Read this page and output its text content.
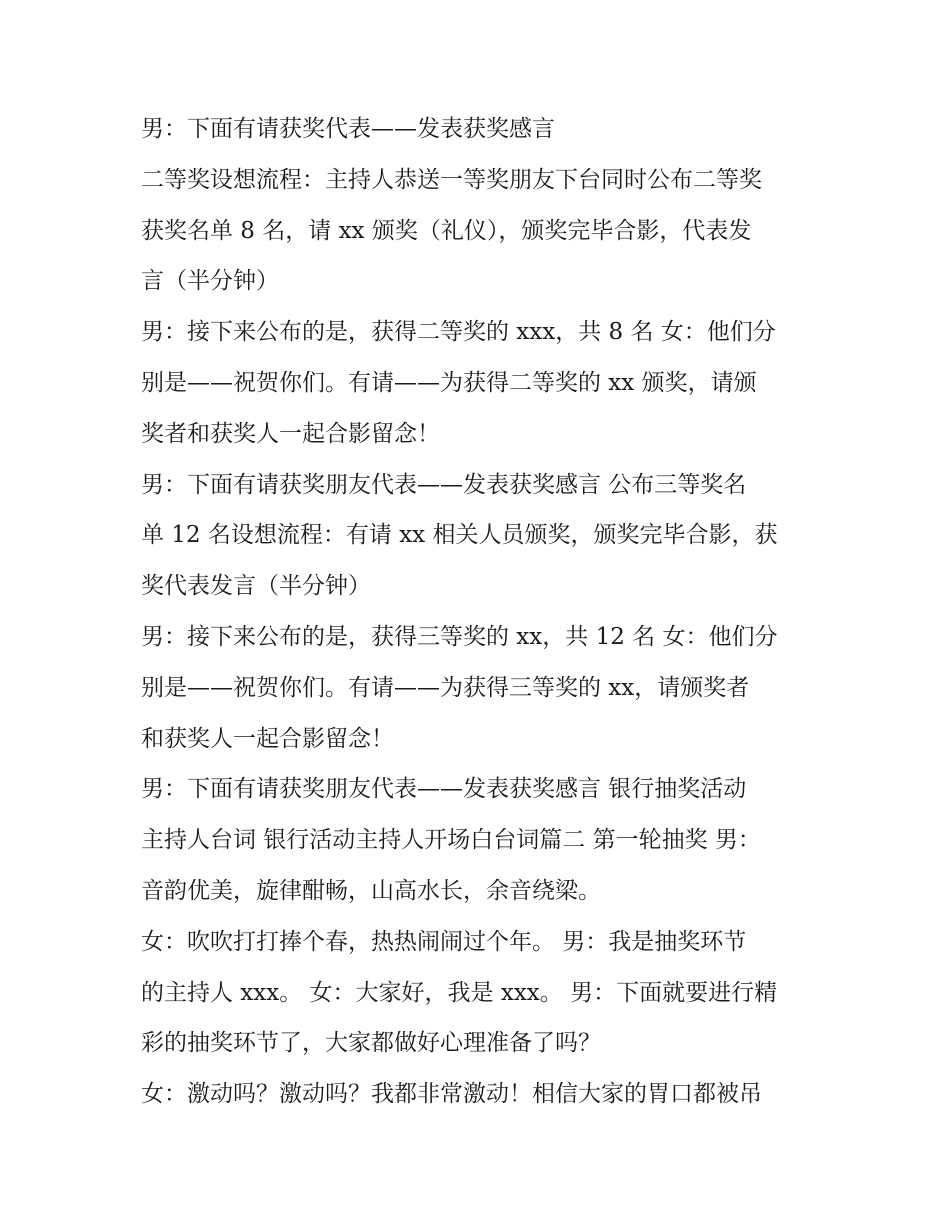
男：下面有请获奖代表——发表获奖感言
二等奖设想流程：主持人恭送一等奖朋友下台同时公布二等奖
获奖名单 8 名，请 xx 颁奖（礼仪），颁奖完毕合影，代表发
言（半分钟）
男：接下来公布的是，获得二等奖的 xxx，共 8 名 女：他们分
别是——祝贺你们。有请——为获得二等奖的 xx 颁奖，请颁
奖者和获奖人一起合影留念！
男：下面有请获奖朋友代表——发表获奖感言 公布三等奖名
单 12 名设想流程：有请 xx 相关人员颁奖，颁奖完毕合影，获
奖代表发言（半分钟）
男：接下来公布的是，获得三等奖的 xx，共 12 名 女：他们分
别是——祝贺你们。有请——为获得三等奖的 xx，请颁奖者
和获奖人一起合影留念！
男：下面有请获奖朋友代表——发表获奖感言 银行抽奖活动
主持人台词 银行活动主持人开场白台词篇二 第一轮抽奖 男：
音韵优美，旋律酣畅，山高水长，余音绕梁。
女：吹吹打打捧个春，热热闹闹过个年。 男：我是抽奖环节
的主持人 xxx。 女：大家好，我是 xxx。 男：下面就要进行精
彩的抽奖环节了，大家都做好心理准备了吗？
女：激动吗？激动吗？我都非常激动！相信大家的胃口都被吊
